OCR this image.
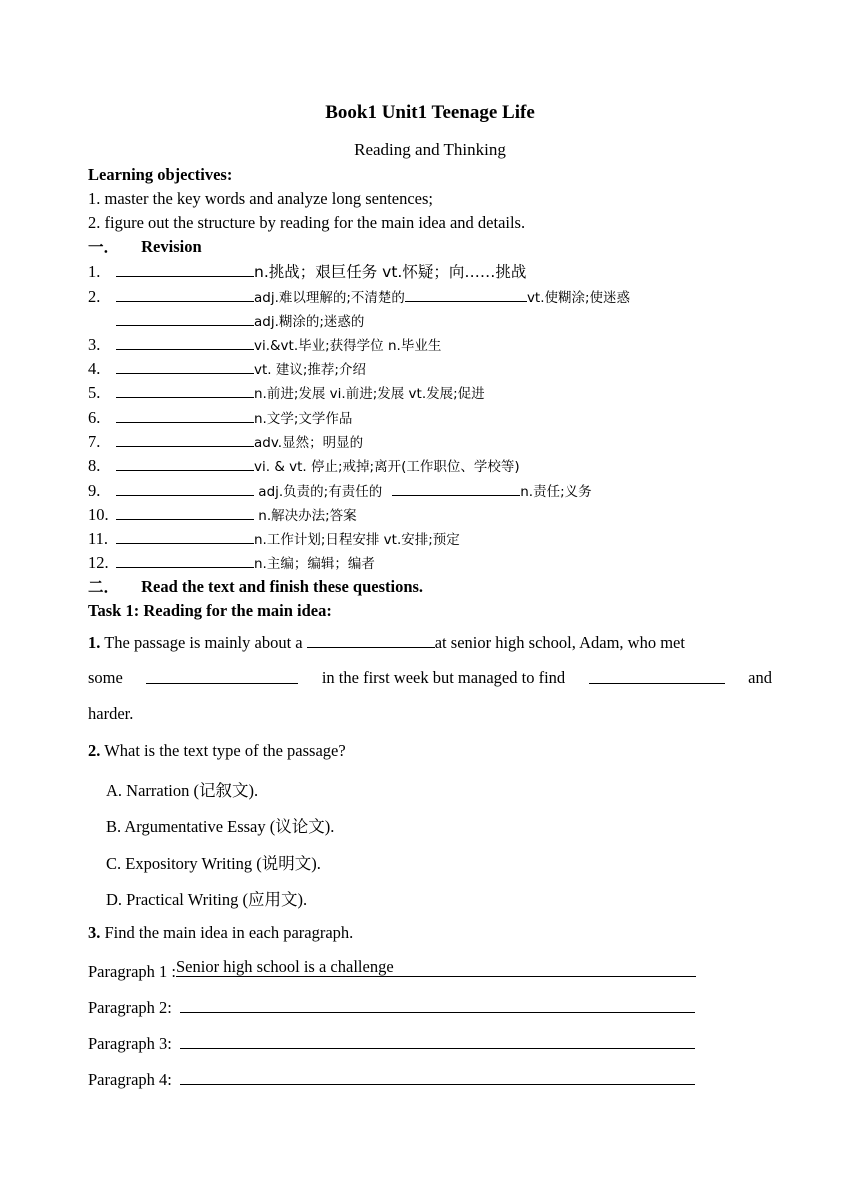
Book1 Unit1 Teenage Life
Reading and Thinking
Learning objectives:
1. master the key words and analyze long sentences;
2. figure out the structure by reading for the main idea and details.
一． Revision
1.	n.挑战；艰巨任务 vt.怀疑；向……挑战
2.	adj.难以理解的;不清楚的	vt.使糊涂;使迷惑
adj.糊涂的;迷惑的
3.	vi.&vt.毕业;获得学位 n.毕业生
4.	vt. 建议;推荐;介绍
5.	n.前进;发展 vi.前进;发展 vt.发展;促进
6.	n.文学;文学作品
7.	adv.显然；明显的
8.	vi. & vt. 停止;戒掉;离开(工作职位、学校等)
9.	adj.负责的;有责任的	n.责任;义务
10.	n.解决办法;答案
11.	n.工作计划;日程安排 vt.安排;预定
12.	n.主编；编辑；编者
二． Read the text and finish these questions.
Task 1: Reading for the main idea:
1. The passage is mainly about a	at senior high school, Adam, who met
some	in the first week but managed to find	and
harder.
2. What is the text type of the passage?
A. Narration (记叙文).
B. Argumentative Essay (议论文).
C. Expository Writing (说明文).
D. Practical Writing (应用文).
3. Find the main idea in each paragraph.
Paragraph 1 : Senior high school is a challenge
Paragraph 2:
Paragraph 3:
Paragraph 4:
